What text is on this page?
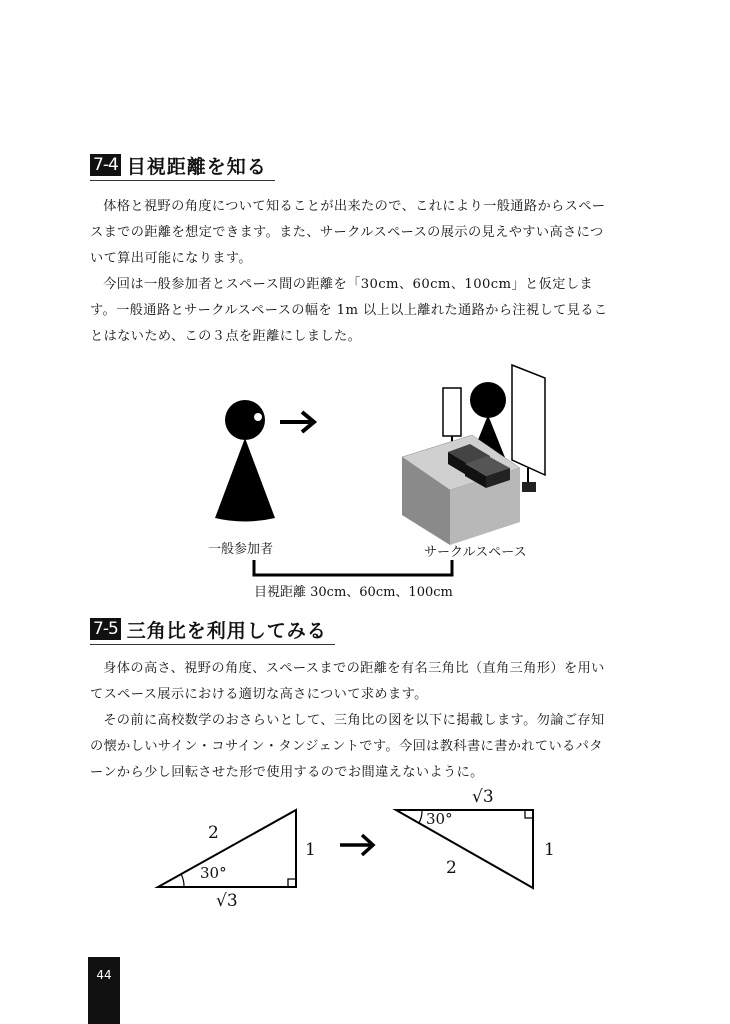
7-4 目視距離を知る

体格と視野の角度について知ることが出来たので、これにより一般通路からスペースまでの距離を想定できます。また、サークルスペースの展示の見えやすい高さについて算出可能になります。

今回は一般参加者とスペース間の距離を「30cm、60cm、100cm」と仮定します。一般通路とサークルスペースの幅を 1m 以上以上離れた通路から注視して見ることはないため、この３点を距離にしました。

一般参加者	サークルスペース
目視距離 30cm、60cm、100cm
7-5 三角比を利用してみる

身体の高さ、視野の角度、スペースまでの距離を有名三角比（直角三角形）を用いてスペース展示における適切な高さについて求めます。

その前に高校数学のおさらいとして、三角比の図を以下に掲載します。勿論ご存知の懐かしいサイン・コサイン・タンジェントです。今回は教科書に書かれているパターンから少し回転させた形で使用するのでお間違えないように。

2
1
√3
30°
√3
1
2
30°
44
